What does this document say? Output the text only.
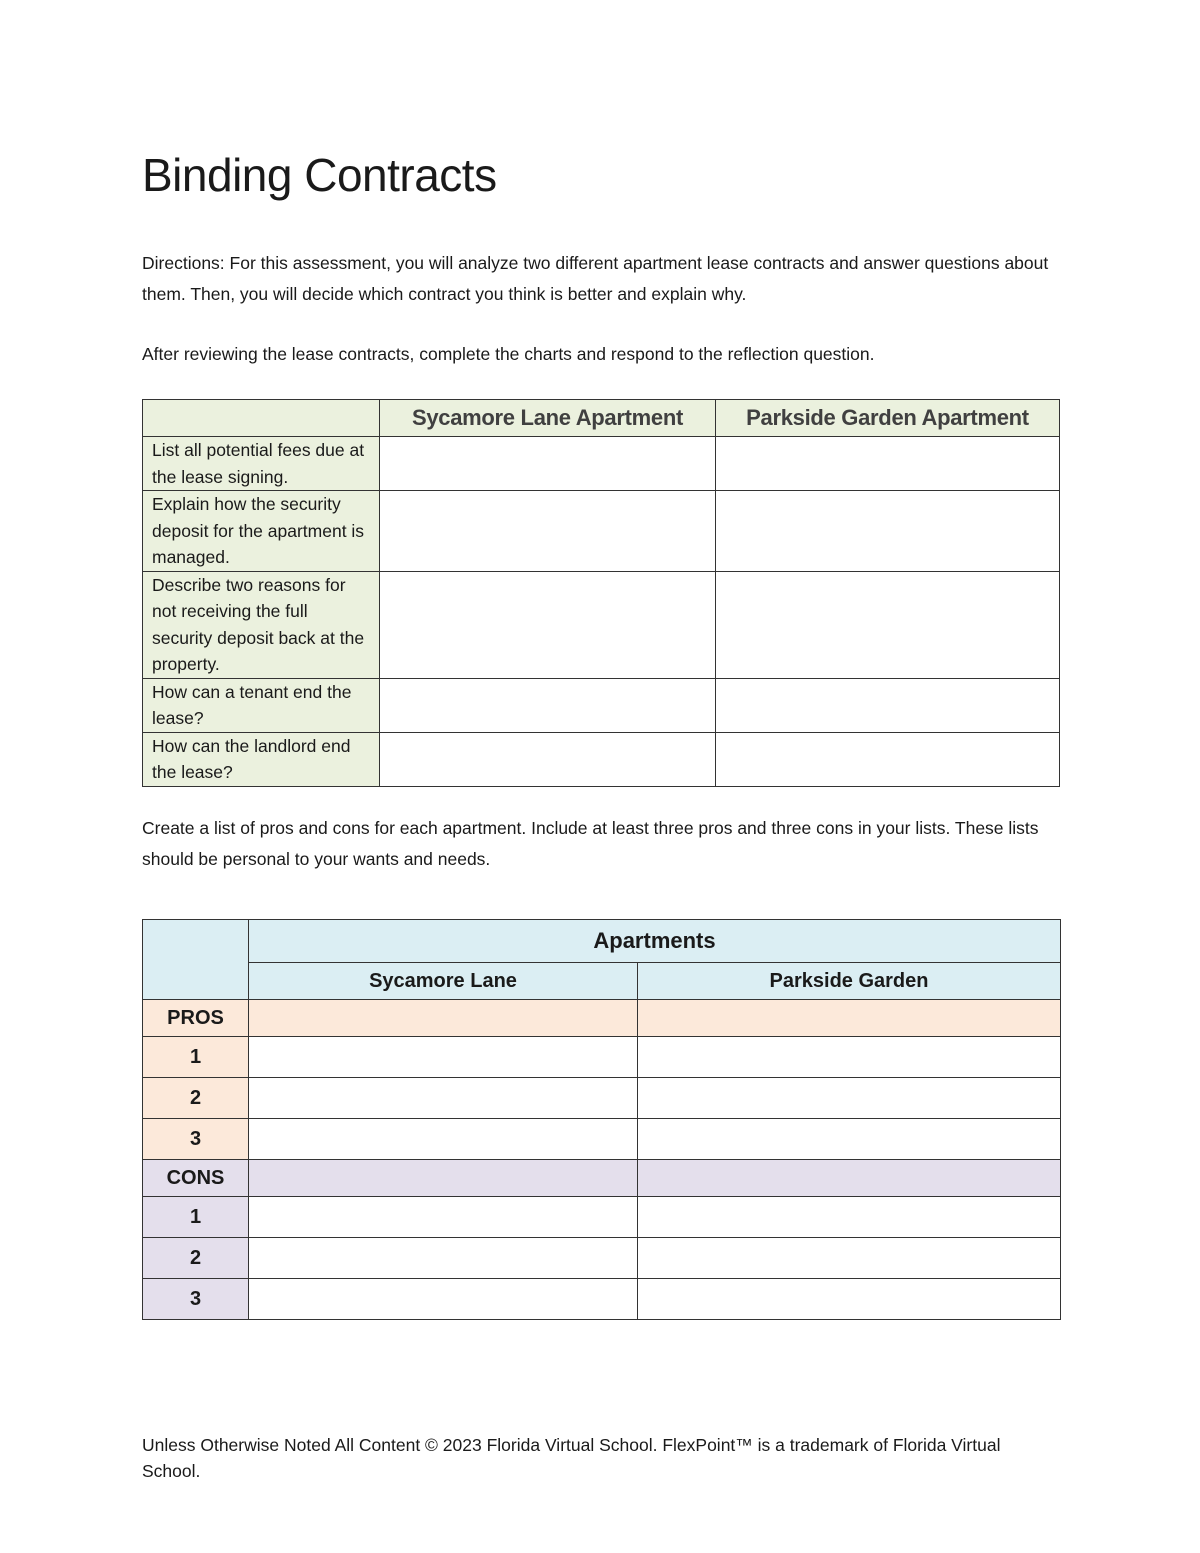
Binding Contracts

Directions: For this assessment, you will analyze two different apartment lease contracts and answer questions about them. Then, you will decide which contract you think is better and explain why.

After reviewing the lease contracts, complete the charts and respond to the reflection question.

	Sycamore Lane Apartment	Parkside Garden Apartment
List all potential fees due at the lease signing.		
Explain how the security deposit for the apartment is managed.		
Describe two reasons for not receiving the full security deposit back at the property.		
How can a tenant end the lease?		
How can the landlord end the lease?		

Create a list of pros and cons for each apartment. Include at least three pros and three cons in your lists. These lists should be personal to your wants and needs.

	Apartments	
	Sycamore Lane	Parkside Garden
PROS		
1		
2		
3		
CONS		
1		
2		
3		

Unless Otherwise Noted All Content © 2023 Florida Virtual School. FlexPoint™ is a trademark of Florida Virtual School.
